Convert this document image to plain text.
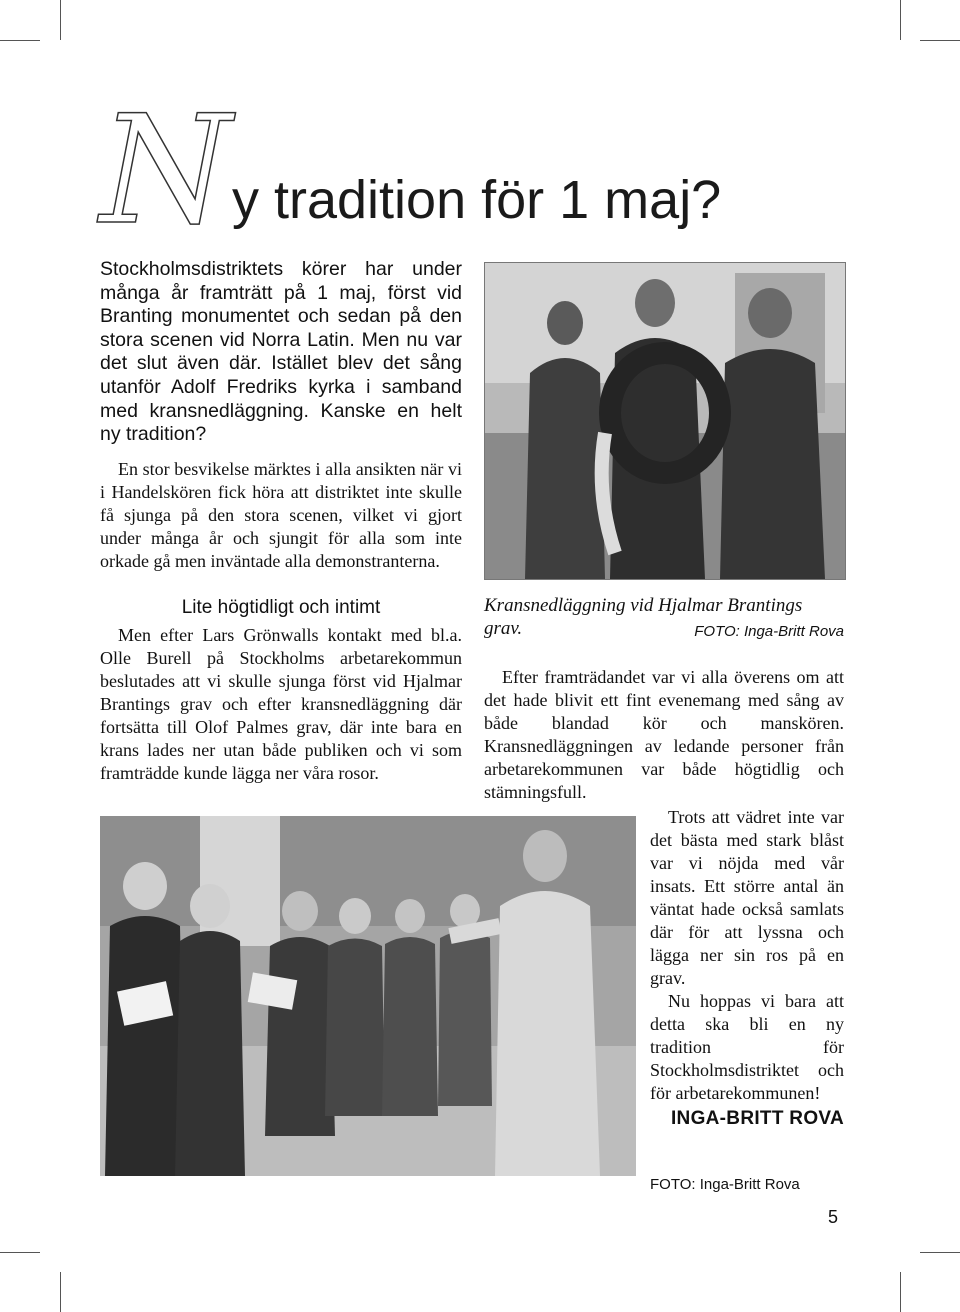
N y tradition för 1 maj?
Stockholmsdistriktets körer har under många år framträtt på 1 maj, först vid Branting monumentet och sedan på den stora scenen vid Norra Latin. Men nu var det slut även där. Istället blev det sång utanför Adolf Fredriks kyrka i samband med kransnedläggning. Kanske en helt ny tradition?

En stor besvikelse märktes i alla ansikten när vi i Handelskören fick höra att distriktet inte skulle få sjunga på den stora scenen, vilket vi gjort under många år och sjungit för alla som inte orkade gå men inväntade alla demonstranterna.

Lite högtidligt och intimt

Men efter Lars Grönwalls kontakt med bl.a. Olle Burell på Stockholms arbetarekommun beslutades att vi skulle sjunga först vid Hjalmar Brantings grav och efter kransnedläggning där fortsätta till Olof Palmes grav, där inte bara en krans lades ner utan både publiken och vi som framträdde kunde lägga ner våra rosor.

Kransnedläggning vid Hjalmar Brantings grav.	FOTO: Inga-Britt Rova

Efter framträdandet var vi alla överens om att det hade blivit ett fint evenemang med sång av både blandad kör och manskören. Kransnedläggningen av ledande personer från arbetarekommunen var både högtidlig och stämningsfull.

Trots att vädret inte var det bästa med stark blåst var vi nöjda med vår insats. Ett större antal än väntat hade också samlats där för att lyssna och lägga ner sin ros på en grav.

Nu hoppas vi bara att detta ska bli en ny tradition för Stockholmsdistriktet och för arbetarekommunen!

INGA-BRITT ROVA
FOTO: Inga-Britt Rova
5
